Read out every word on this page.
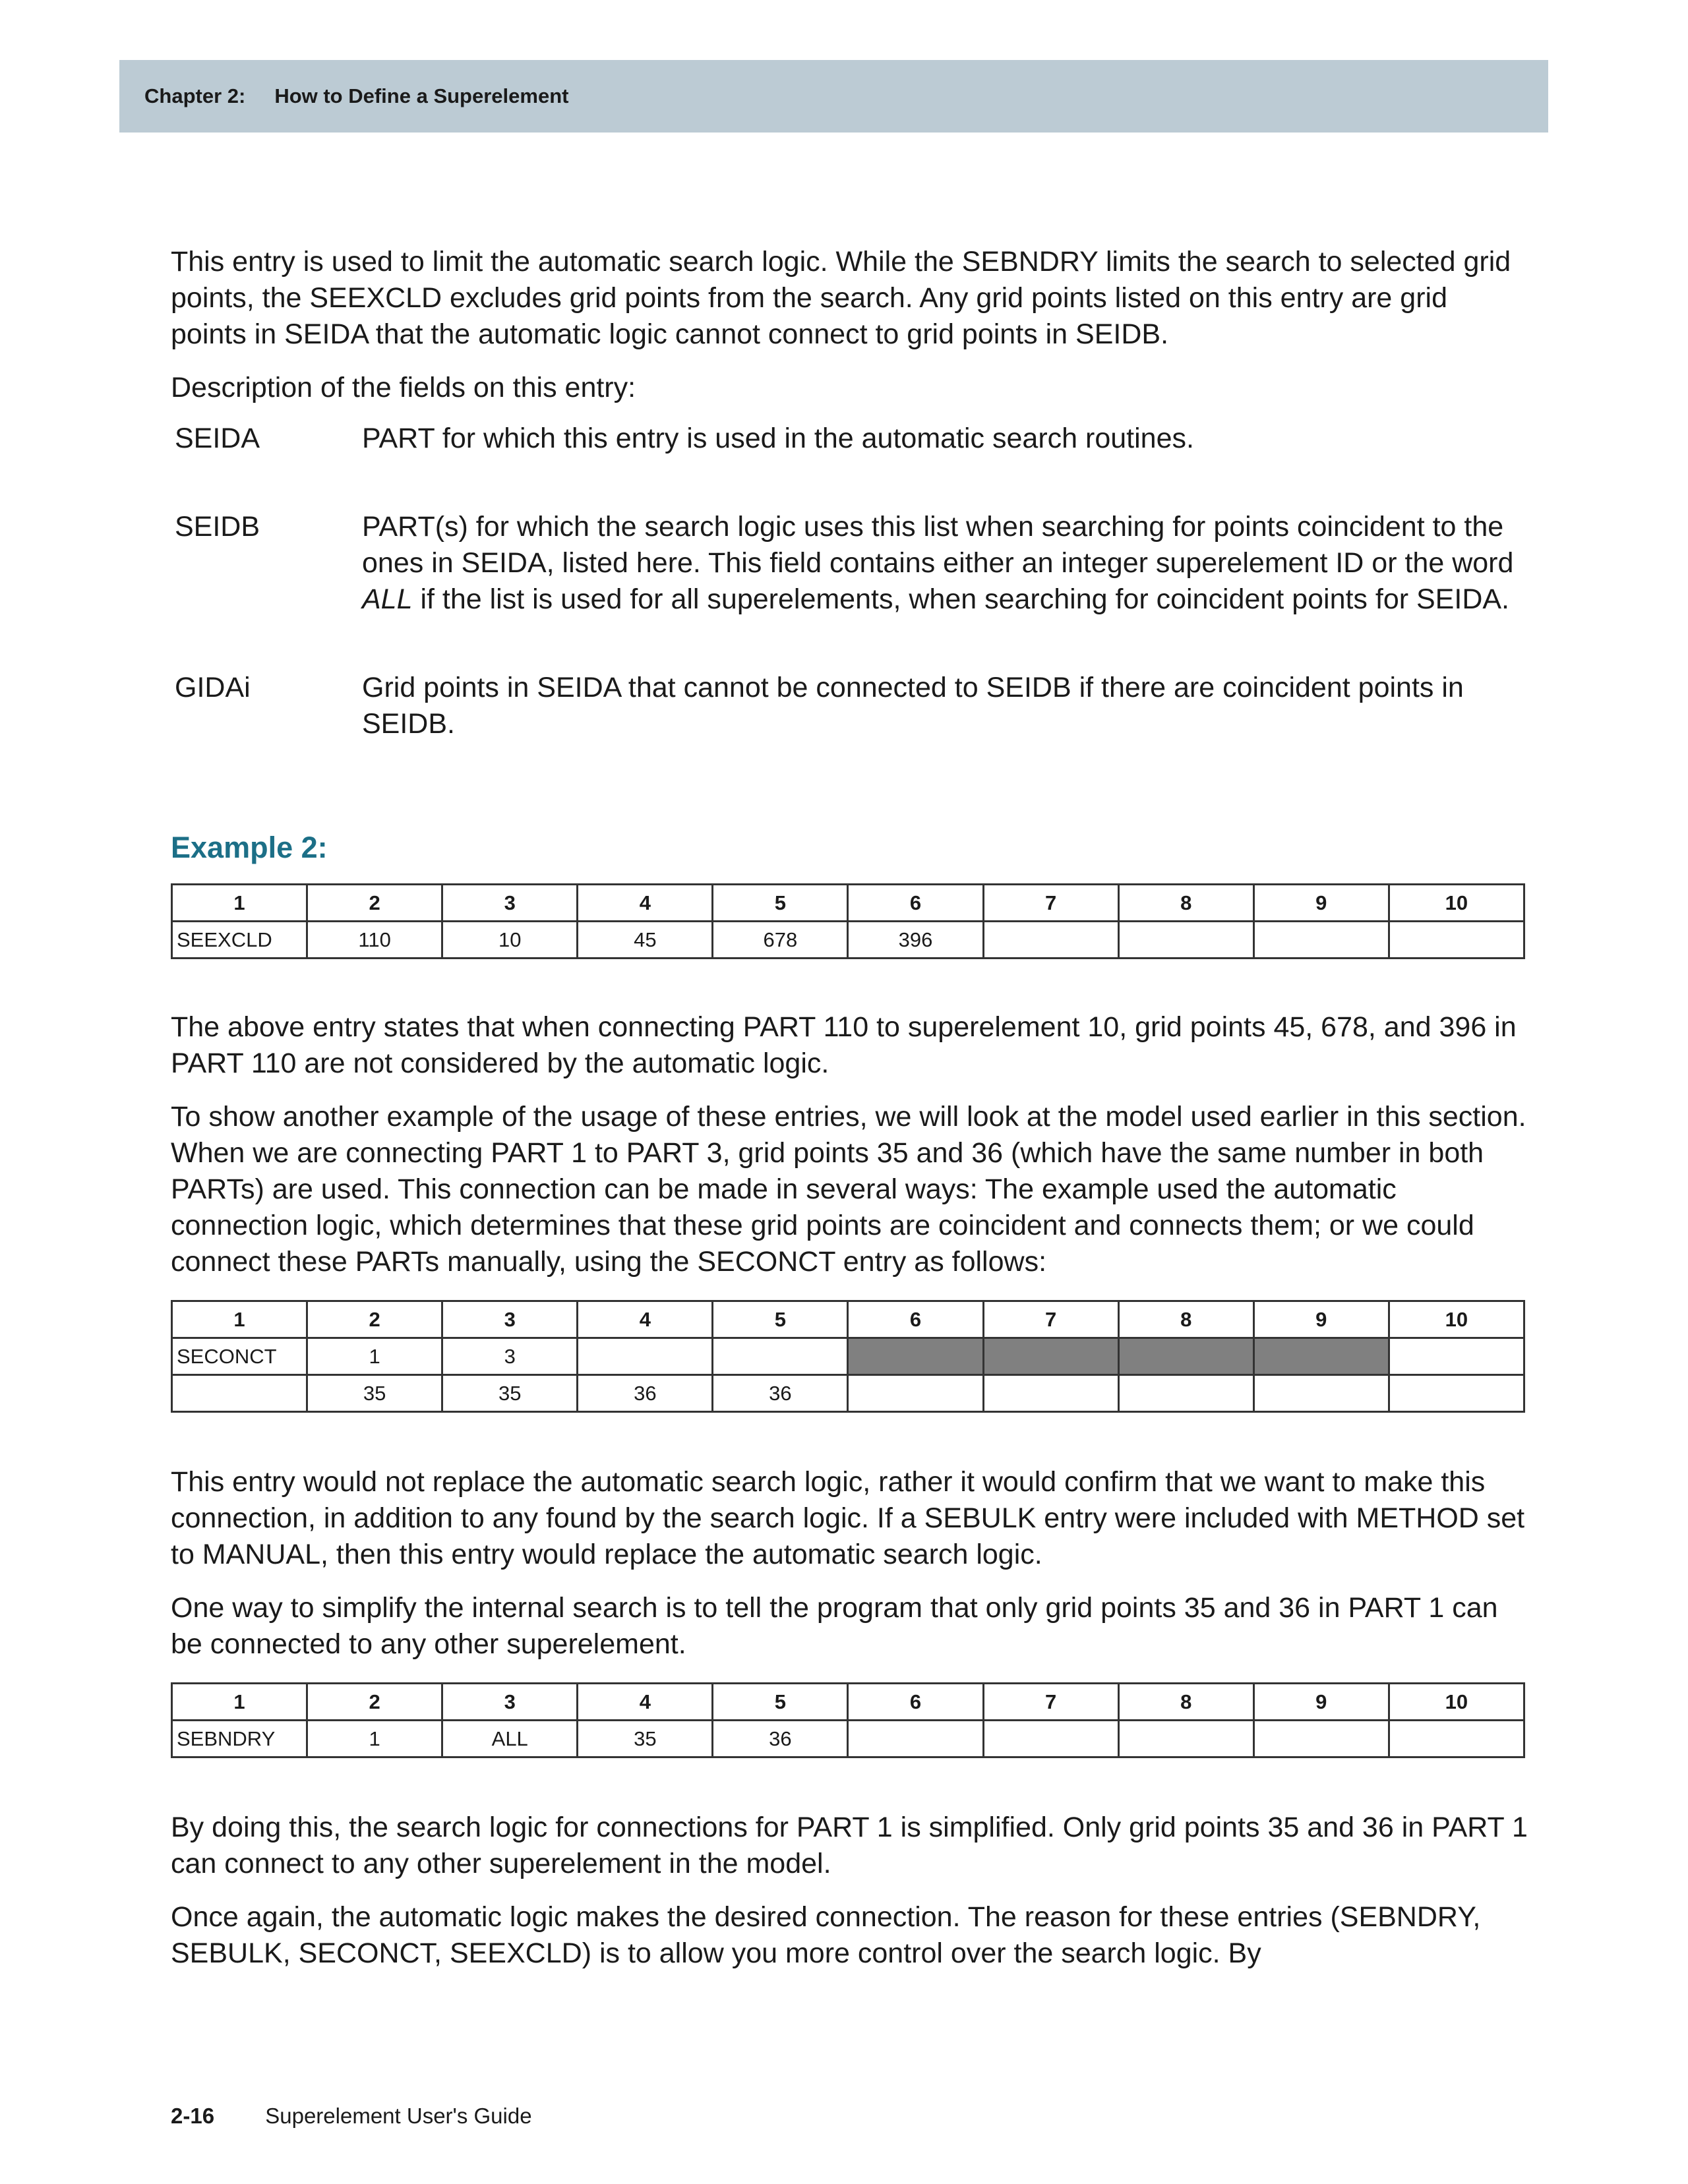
Chapter 2: How to Define a Superelement

This entry is used to limit the automatic search logic. While the SEBNDRY limits the search to selected grid points, the SEEXCLD excludes grid points from the search. Any grid points listed on this entry are grid points in SEIDA that the automatic logic cannot connect to grid points in SEIDB.

Description of the fields on this entry:

SEIDA	PART for which this entry is used in the automatic search routines.
SEIDB	PART(s) for which the search logic uses this list when searching for points coincident to the ones in SEIDA, listed here. This field contains either an integer superelement ID or the word ALL if the list is used for all superelements, when searching for coincident points for SEIDA.
GIDAi	Grid points in SEIDA that cannot be connected to SEIDB if there are coincident points in SEIDB.
Example 2:
1	2	3	4	5	6	7	8	9	10
SEEXCLD	110	10	45	678	396				

The above entry states that when connecting PART 110 to superelement 10, grid points 45, 678, and 396 in PART 110 are not considered by the automatic logic.

To show another example of the usage of these entries, we will look at the model used earlier in this section. When we are connecting PART 1 to PART 3, grid points 35 and 36 (which have the same number in both PARTs) are used. This connection can be made in several ways: The example used the automatic connection logic, which determines that these grid points are coincident and connects them; or we could connect these PARTs manually, using the SECONCT entry as follows:

1	2	3	4	5	6	7	8	9	10
SECONCT	1	3							
	35	35	36	36					

This entry would not replace the automatic search logic, rather it would confirm that we want to make this connection, in addition to any found by the search logic. If a SEBULK entry were included with METHOD set to MANUAL, then this entry would replace the automatic search logic.

One way to simplify the internal search is to tell the program that only grid points 35 and 36 in PART 1 can be connected to any other superelement.

1	2	3	4	5	6	7	8	9	10
SEBNDRY	1	ALL	35	36					

By doing this, the search logic for connections for PART 1 is simplified. Only grid points 35 and 36 in PART 1 can connect to any other superelement in the model.

Once again, the automatic logic makes the desired connection. The reason for these entries (SEBNDRY, SEBULK, SECONCT, SEEXCLD) is to allow you more control over the search logic. By

2-16 Superelement User's Guide
